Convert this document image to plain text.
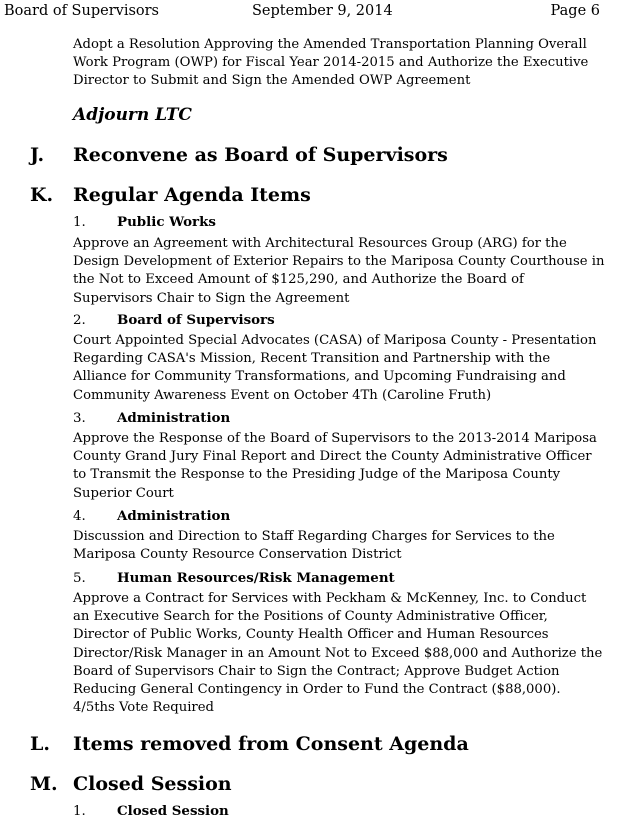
Board of Supervisors	September 9, 2014	Page 6
Adopt a Resolution Approving the Amended Transportation Planning Overall Work Program (OWP) for Fiscal Year 2014-2015 and Authorize the Executive Director to Submit and Sign the Amended OWP Agreement
Adjourn LTC
J. Reconvene as Board of Supervisors
K. Regular Agenda Items
1. Public Works
Approve an Agreement with Architectural Resources Group (ARG) for the Design Development of Exterior Repairs to the Mariposa County Courthouse in the Not to Exceed Amount of $125,290, and Authorize the Board of Supervisors Chair to Sign the Agreement
2. Board of Supervisors
Court Appointed Special Advocates (CASA) of Mariposa County - Presentation Regarding CASA's Mission, Recent Transition and Partnership with the Alliance for Community Transformations, and Upcoming Fundraising and Community Awareness Event on October 4Th (Caroline Fruth)
3. Administration
Approve the Response of the Board of Supervisors to the 2013-2014 Mariposa County Grand Jury Final Report and Direct the County Administrative Officer to Transmit the Response to the Presiding Judge of the Mariposa County Superior Court
4. Administration
Discussion and Direction to Staff Regarding Charges for Services to the Mariposa County Resource Conservation District
5. Human Resources/Risk Management
Approve a Contract for Services with Peckham & McKenney, Inc. to Conduct an Executive Search for the Positions of County Administrative Officer, Director of Public Works, County Health Officer and Human Resources Director/Risk Manager in an Amount Not to Exceed $88,000 and Authorize the Board of Supervisors Chair to Sign the Contract; Approve Budget Action Reducing General Contingency in Order to Fund the Contract ($88,000). 4/5ths Vote Required
L. Items removed from Consent Agenda
M. Closed Session
1. Closed Session
